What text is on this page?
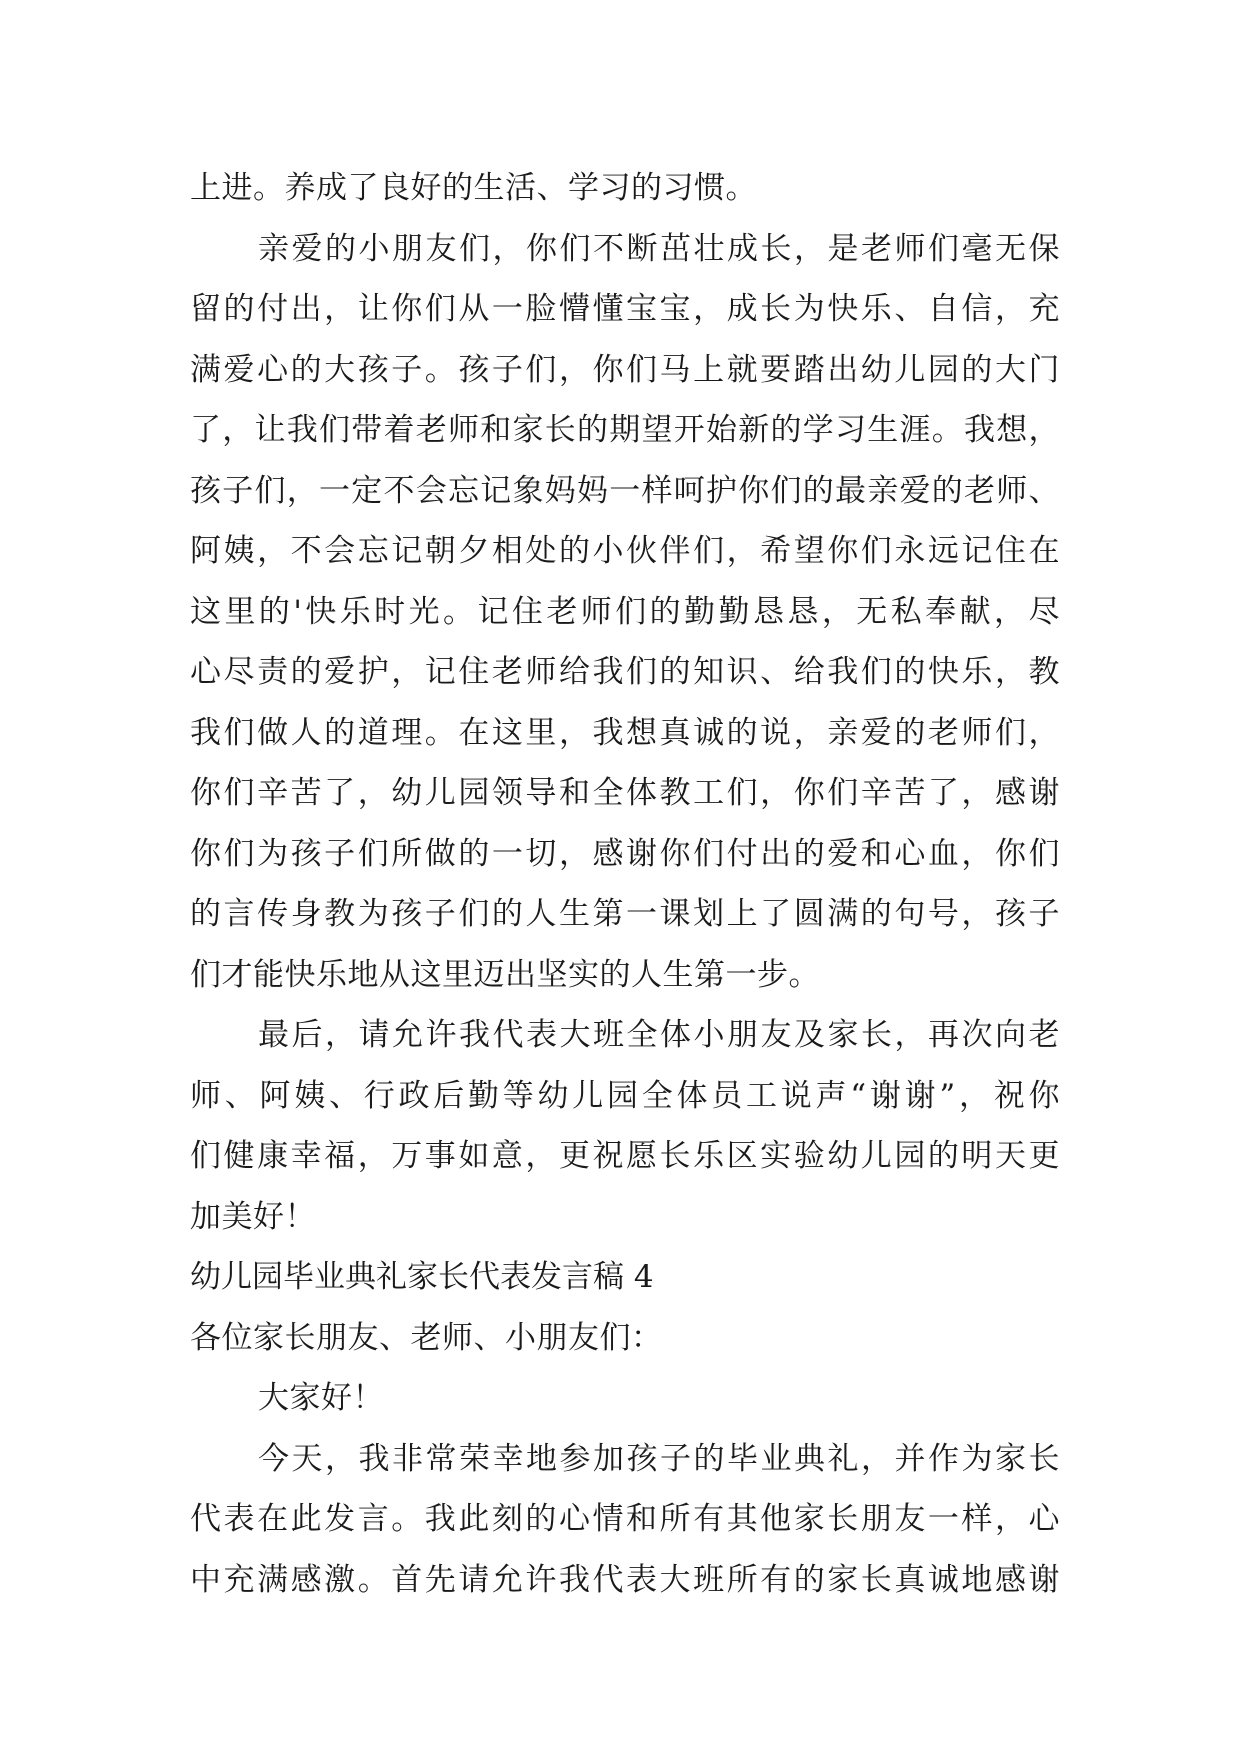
上进。养成了良好的生活、学习的习惯。
亲爱的小朋友们，你们不断茁壮成长，是老师们毫无保
留的付出，让你们从一脸懵懂宝宝，成长为快乐、自信，充
满爱心的大孩子。孩子们，你们马上就要踏出幼儿园的大门
了，让我们带着老师和家长的期望开始新的学习生涯。我想，
孩子们，一定不会忘记象妈妈一样呵护你们的最亲爱的老师、
阿姨，不会忘记朝夕相处的小伙伴们，希望你们永远记住在
这里的'快乐时光。记住老师们的勤勤恳恳，无私奉献，尽
心尽责的爱护，记住老师给我们的知识、给我们的快乐，教
我们做人的道理。在这里，我想真诚的说，亲爱的老师们，
你们辛苦了，幼儿园领导和全体教工们，你们辛苦了，感谢
你们为孩子们所做的一切，感谢你们付出的爱和心血，你们
的言传身教为孩子们的人生第一课划上了圆满的句号，孩子
们才能快乐地从这里迈出坚实的人生第一步。
最后，请允许我代表大班全体小朋友及家长，再次向老
师、阿姨、行政后勤等幼儿园全体员工说声“谢谢”，祝你
们健康幸福，万事如意，更祝愿长乐区实验幼儿园的明天更
加美好！
幼儿园毕业典礼家长代表发言稿 4
各位家长朋友、老师、小朋友们：
大家好！
今天，我非常荣幸地参加孩子的毕业典礼，并作为家长
代表在此发言。我此刻的心情和所有其他家长朋友一样，心
中充满感激。首先请允许我代表大班所有的家长真诚地感谢
